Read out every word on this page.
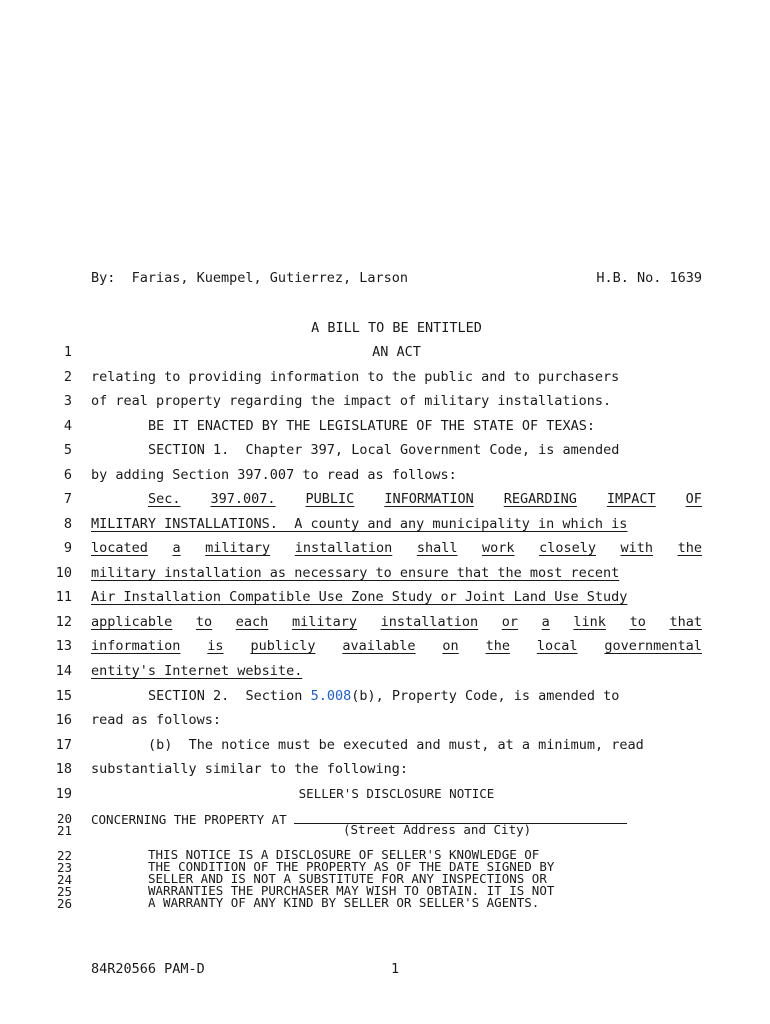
By:  Farias, Kuempel, Gutierrez, Larson	H.B. No. 1639
A BILL TO BE ENTITLED
1	AN ACT
2 relating to providing information to the public and to purchasers
3 of real property regarding the impact of military installations.
4	BE IT ENACTED BY THE LEGISLATURE OF THE STATE OF TEXAS:
5	SECTION 1.  Chapter 397, Local Government Code, is amended
6 by adding Section 397.007 to read as follows:
7	Sec. 397.007. PUBLIC INFORMATION REGARDING IMPACT OF
8 MILITARY INSTALLATIONS.  A county and any municipality in which is
9 located a military installation shall work closely with the
10 military installation as necessary to ensure that the most recent
11 Air Installation Compatible Use Zone Study or Joint Land Use Study
12 applicable to each military installation or a link to that
13 information is publicly available on the local governmental
14 entity's Internet website.
15	SECTION 2.  Section 5.008(b), Property Code, is amended to
16 read as follows:
17	(b)  The notice must be executed and must, at a minimum, read
18 substantially similar to the following:
19	SELLER'S DISCLOSURE NOTICE
20 CONCERNING THE PROPERTY AT
21	(Street Address and City)
22	THIS NOTICE IS A DISCLOSURE OF SELLER'S KNOWLEDGE OF
23	THE CONDITION OF THE PROPERTY AS OF THE DATE SIGNED BY
24	SELLER AND IS NOT A SUBSTITUTE FOR ANY INSPECTIONS OR
25	WARRANTIES THE PURCHASER MAY WISH TO OBTAIN. IT IS NOT
26	A WARRANTY OF ANY KIND BY SELLER OR SELLER'S AGENTS.
84R20566 PAM-D	1
